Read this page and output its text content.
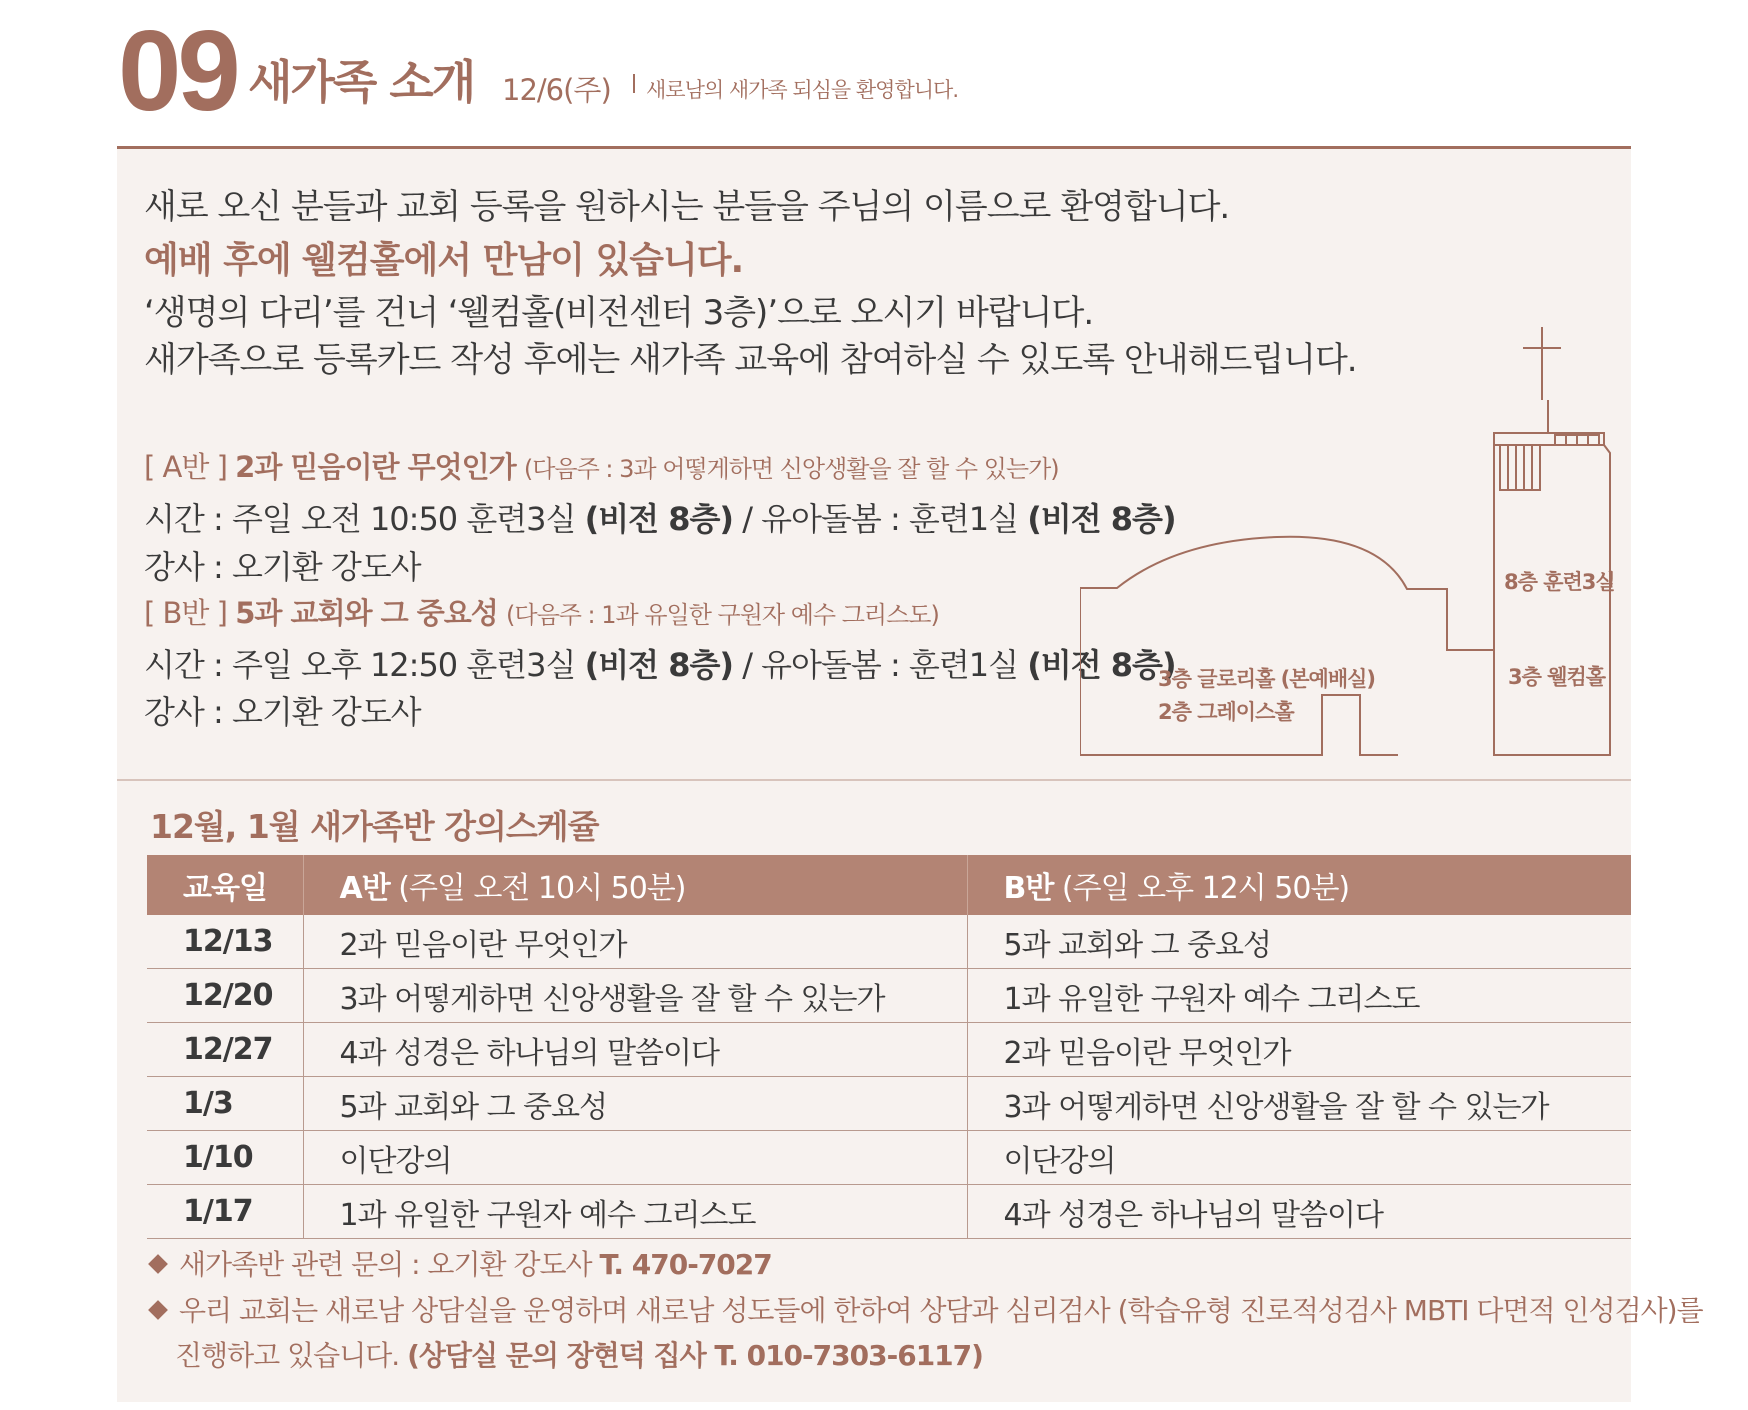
09 새가족 소개 12/6(주) 새로남의 새가족 되심을 환영합니다.
새로 오신 분들과 교회 등록을 원하시는 분들을 주님의 이름으로 환영합니다.
예배 후에 웰컴홀에서 만남이 있습니다.
‘생명의 다리’를 건너 ‘웰컴홀(비전센터 3층)’으로 오시기 바랍니다.
새가족으로 등록카드 작성 후에는 새가족 교육에 참여하실 수 있도록 안내해드립니다.
[ A반 ] 2과 믿음이란 무엇인가 (다음주 : 3과 어떻게하면 신앙생활을 잘 할 수 있는가)
시간 : 주일 오전 10:50 훈련3실 (비전 8층) / 유아돌봄 : 훈련1실 (비전 8층)
강사 : 오기환 강도사
[ B반 ] 5과 교회와 그 중요성 (다음주 : 1과 유일한 구원자 예수 그리스도)
시간 : 주일 오후 12:50 훈련3실 (비전 8층) / 유아돌봄 : 훈련1실 (비전 8층)
강사 : 오기환 강도사
12월, 1월 새가족반 강의스케쥴
교육일	A반 (주일 오전 10시 50분)	B반 (주일 오후 12시 50분)
12/13	2과 믿음이란 무엇인가	5과 교회와 그 중요성
12/20	3과 어떻게하면 신앙생활을 잘 할 수 있는가	1과 유일한 구원자 예수 그리스도
12/27	4과 성경은 하나님의 말씀이다	2과 믿음이란 무엇인가
1/3	5과 교회와 그 중요성	3과 어떻게하면 신앙생활을 잘 할 수 있는가
1/10	이단강의	이단강의
1/17	1과 유일한 구원자 예수 그리스도	4과 성경은 하나님의 말씀이다
새가족반 관련 문의 : 오기환 강도사 T. 470-7027
우리 교회는 새로남 상담실을 운영하며 새로남 성도들에 한하여 상담과 심리검사 (학습유형 진로적성검사 MBTI 다면적 인성검사)를
진행하고 있습니다. (상담실 문의 장현덕 집사 T. 010-7303-6117)
8층 훈련3실
3층 웰컴홀
3층 글로리홀 (본예배실)
2층 그레이스홀
